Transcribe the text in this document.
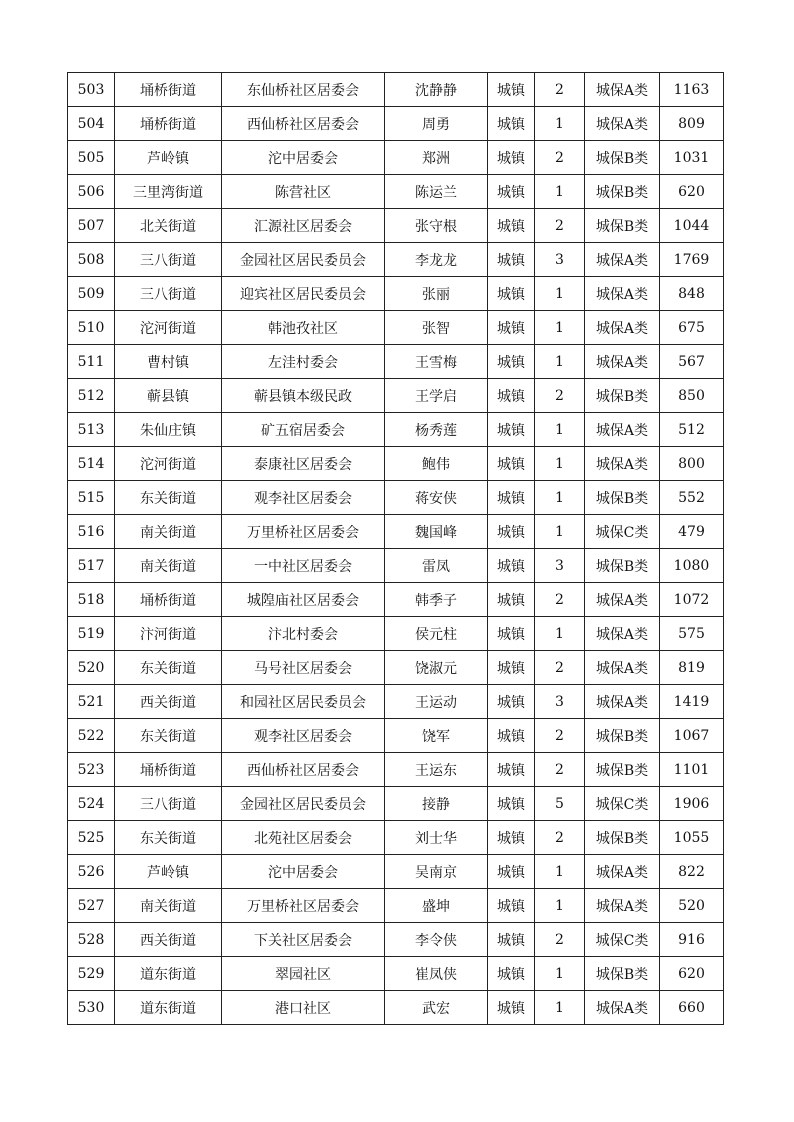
503	埇桥街道	东仙桥社区居委会	沈静静	城镇	2	城保A类	1163
504	埇桥街道	西仙桥社区居委会	周勇	城镇	1	城保A类	809
505	芦岭镇	沱中居委会	郑洲	城镇	2	城保B类	1031
506	三里湾街道	陈营社区	陈运兰	城镇	1	城保B类	620
507	北关街道	汇源社区居委会	张守根	城镇	2	城保B类	1044
508	三八街道	金园社区居民委员会	李龙龙	城镇	3	城保A类	1769
509	三八街道	迎宾社区居民委员会	张丽	城镇	1	城保A类	848
510	沱河街道	韩池孜社区	张智	城镇	1	城保A类	675
511	曹村镇	左洼村委会	王雪梅	城镇	1	城保A类	567
512	蕲县镇	蕲县镇本级民政	王学启	城镇	2	城保B类	850
513	朱仙庄镇	矿五宿居委会	杨秀莲	城镇	1	城保A类	512
514	沱河街道	泰康社区居委会	鲍伟	城镇	1	城保A类	800
515	东关街道	观李社区居委会	蒋安侠	城镇	1	城保B类	552
516	南关街道	万里桥社区居委会	魏国峰	城镇	1	城保C类	479
517	南关街道	一中社区居委会	雷凤	城镇	3	城保B类	1080
518	埇桥街道	城隍庙社区居委会	韩季子	城镇	2	城保A类	1072
519	汴河街道	汴北村委会	侯元柱	城镇	1	城保A类	575
520	东关街道	马号社区居委会	饶淑元	城镇	2	城保A类	819
521	西关街道	和园社区居民委员会	王运动	城镇	3	城保A类	1419
522	东关街道	观李社区居委会	饶军	城镇	2	城保B类	1067
523	埇桥街道	西仙桥社区居委会	王运东	城镇	2	城保B类	1101
524	三八街道	金园社区居民委员会	接静	城镇	5	城保C类	1906
525	东关街道	北苑社区居委会	刘士华	城镇	2	城保B类	1055
526	芦岭镇	沱中居委会	吴南京	城镇	1	城保A类	822
527	南关街道	万里桥社区居委会	盛坤	城镇	1	城保A类	520
528	西关街道	下关社区居委会	李令侠	城镇	2	城保C类	916
529	道东街道	翠园社区	崔凤侠	城镇	1	城保B类	620
530	道东街道	港口社区	武宏	城镇	1	城保A类	660
